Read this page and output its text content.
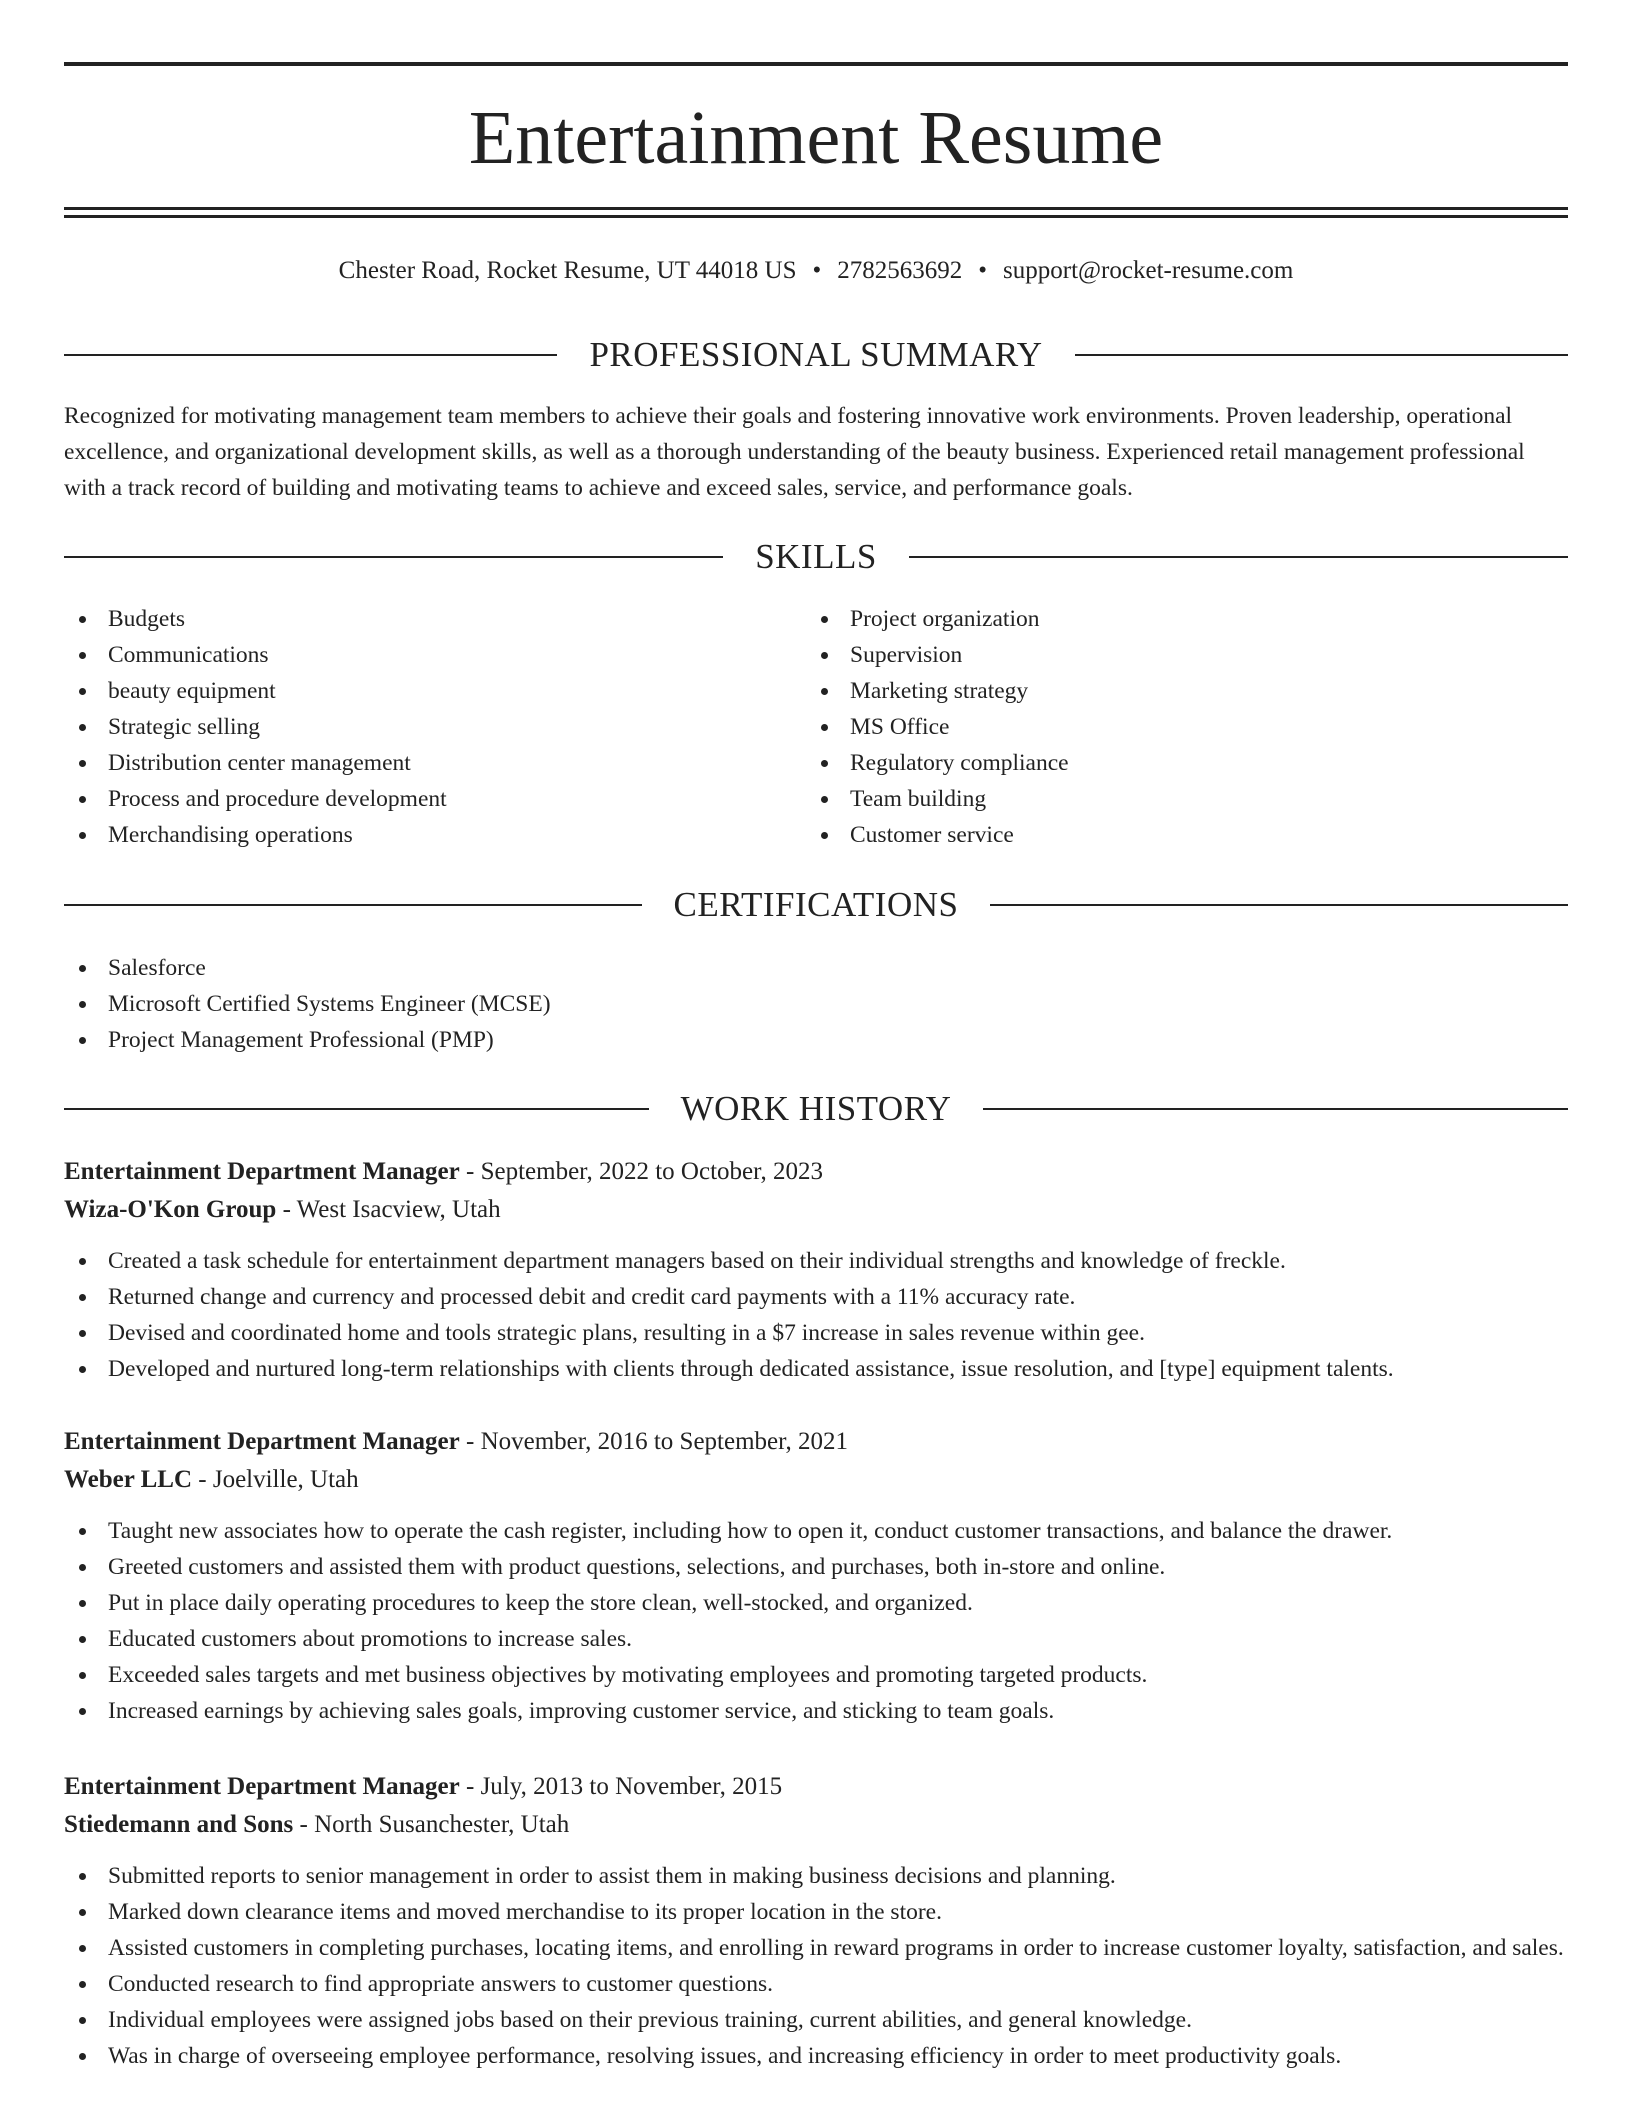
Entertainment Resume
Chester Road, Rocket Resume, UT 44018 US • 2782563692 • support@rocket-resume.com
PROFESSIONAL SUMMARY

Recognized for motivating management team members to achieve their goals and fostering innovative work environments. Proven leadership, operational excellence, and organizational development skills, as well as a thorough understanding of the beauty business. Experienced retail management professional with a track record of building and motivating teams to achieve and exceed sales, service, and performance goals.

SKILLS
Budgets
Communications
beauty equipment
Strategic selling
Distribution center management
Process and procedure development
Merchandising operations
Project organization
Supervision
Marketing strategy
MS Office
Regulatory compliance
Team building
Customer service
CERTIFICATIONS
Salesforce
Microsoft Certified Systems Engineer (MCSE)
Project Management Professional (PMP)
WORK HISTORY
Entertainment Department Manager - September, 2022 to October, 2023
Wiza-O'Kon Group - West Isacview, Utah
Created a task schedule for entertainment department managers based on their individual strengths and knowledge of freckle.
Returned change and currency and processed debit and credit card payments with a 11% accuracy rate.
Devised and coordinated home and tools strategic plans, resulting in a $7 increase in sales revenue within gee.
Developed and nurtured long-term relationships with clients through dedicated assistance, issue resolution, and [type] equipment talents.
Entertainment Department Manager - November, 2016 to September, 2021
Weber LLC - Joelville, Utah
Taught new associates how to operate the cash register, including how to open it, conduct customer transactions, and balance the drawer.
Greeted customers and assisted them with product questions, selections, and purchases, both in-store and online.
Put in place daily operating procedures to keep the store clean, well-stocked, and organized.
Educated customers about promotions to increase sales.
Exceeded sales targets and met business objectives by motivating employees and promoting targeted products.
Increased earnings by achieving sales goals, improving customer service, and sticking to team goals.
Entertainment Department Manager - July, 2013 to November, 2015
Stiedemann and Sons - North Susanchester, Utah
Submitted reports to senior management in order to assist them in making business decisions and planning.
Marked down clearance items and moved merchandise to its proper location in the store.
Assisted customers in completing purchases, locating items, and enrolling in reward programs in order to increase customer loyalty, satisfaction, and sales.
Conducted research to find appropriate answers to customer questions.
Individual employees were assigned jobs based on their previous training, current abilities, and general knowledge.
Was in charge of overseeing employee performance, resolving issues, and increasing efficiency in order to meet productivity goals.
